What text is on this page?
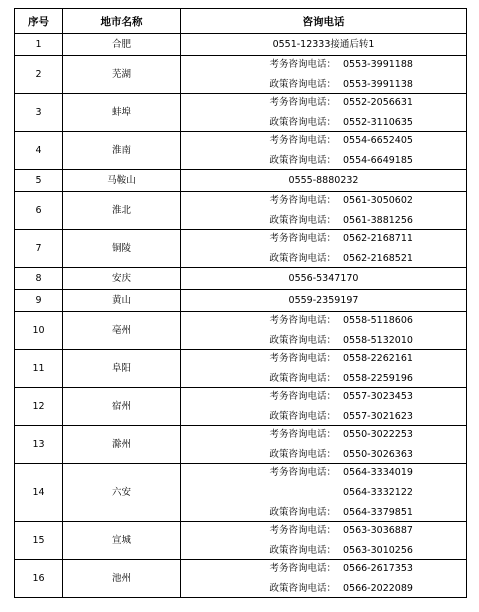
序号	地市名称	咨询电话
1	合肥	0551-12333接通后转1
2	芜湖	考务咨询电话： 0553-3991188
政策咨询电话： 0553-3991138

3	蚌埠	考务咨询电话： 0552-2056631
政策咨询电话： 0552-3110635

4	淮南	考务咨询电话： 0554-6652405
政策咨询电话： 0554-6649185

5	马鞍山	0555-8880232
6	淮北	考务咨询电话： 0561-3050602
政策咨询电话： 0561-3881256

7	铜陵	考务咨询电话： 0562-2168711
政策咨询电话： 0562-2168521

8	安庆	0556-5347170
9	黄山	0559-2359197
10	亳州	考务咨询电话： 0558-5118606
政策咨询电话： 0558-5132010

11	阜阳	考务咨询电话： 0558-2262161
政策咨询电话： 0558-2259196

12	宿州	考务咨询电话： 0557-3023453
政策咨询电话： 0557-3021623

13	滁州	考务咨询电话： 0550-3022253
政策咨询电话： 0550-3026363

14	六安	考务咨询电话： 0564-3334019
0564-3332122
政策咨询电话： 0564-3379851

15	宣城	考务咨询电话： 0563-3036887
政策咨询电话： 0563-3010256

16	池州	考务咨询电话： 0566-2617353
政策咨询电话： 0566-2022089
